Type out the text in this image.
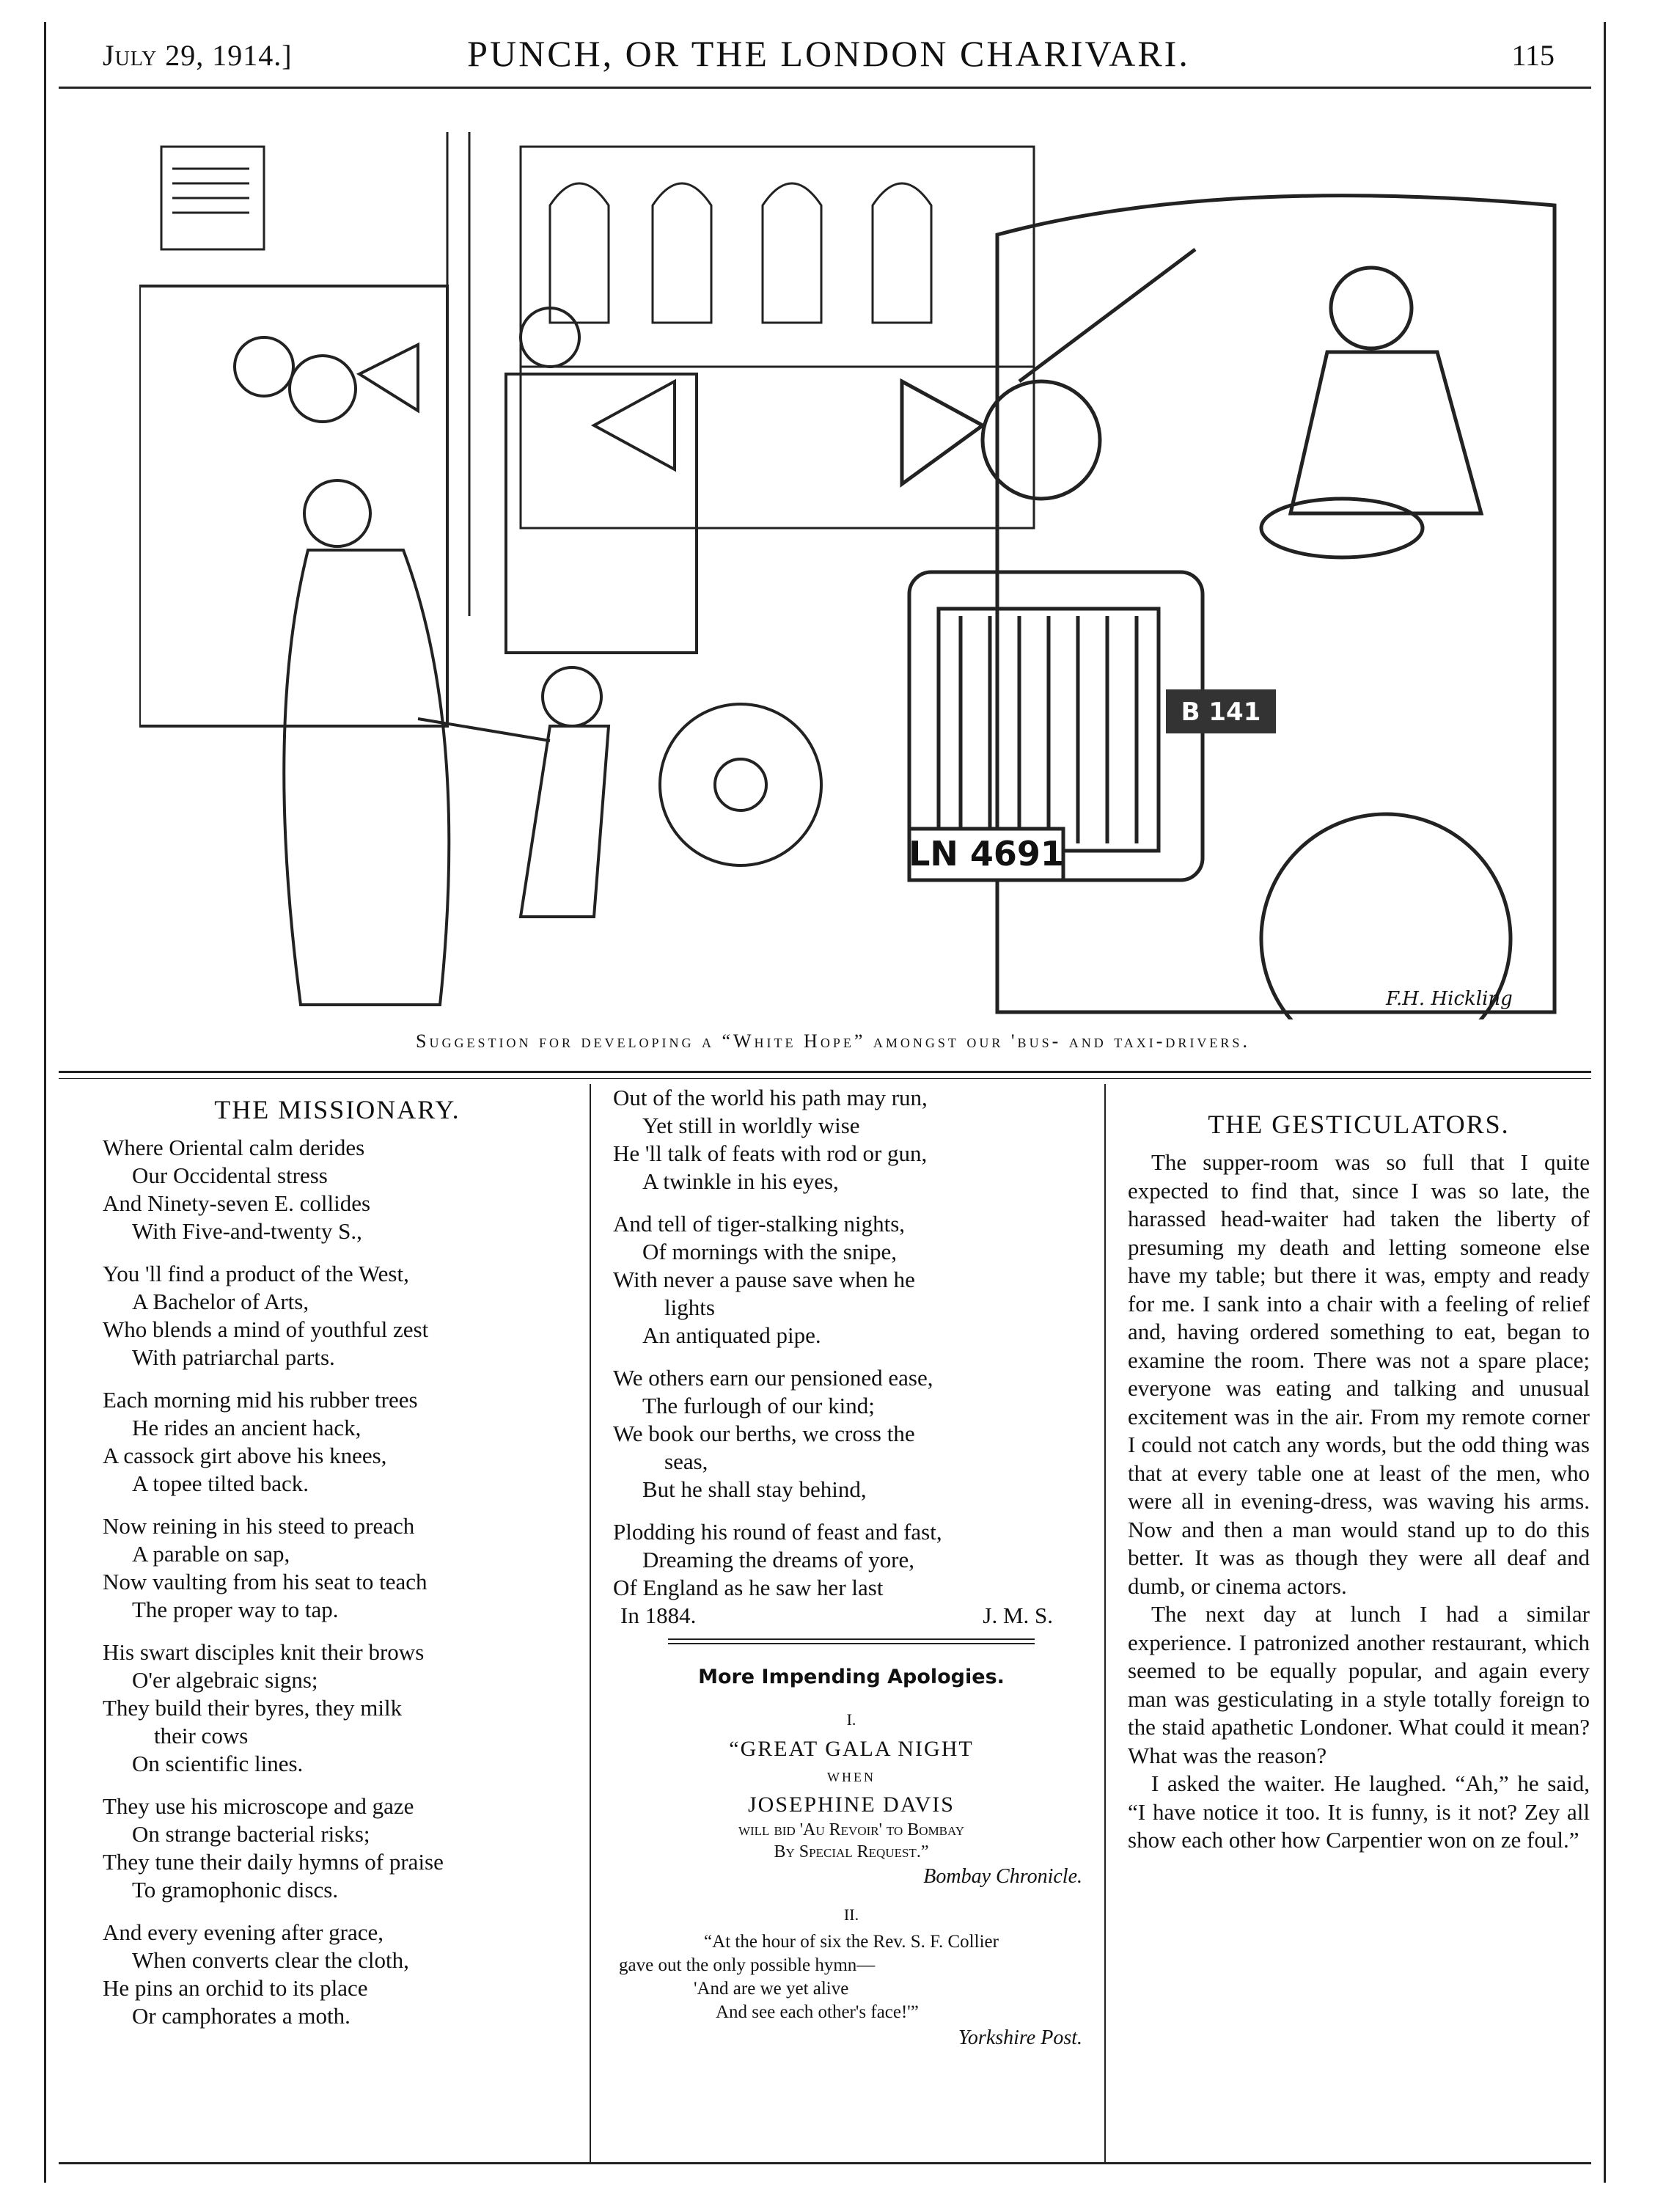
July 29, 1914.]	PUNCH, OR THE LONDON CHARIVARI.	115
LN 4691
B 141
F.H. Hickling
Suggestion for developing a “White Hope” amongst our 'bus- and taxi-drivers.
THE MISSIONARY.
Where Oriental calm derides
Our Occidental stress
And Ninety-seven E. collides
With Five-and-twenty S.,
You 'll find a product of the West,
A Bachelor of Arts,
Who blends a mind of youthful zest
With patriarchal parts.
Each morning mid his rubber trees
He rides an ancient hack,
A cassock girt above his knees,
A topee tilted back.
Now reining in his steed to preach
A parable on sap,
Now vaulting from his seat to teach
The proper way to tap.
His swart disciples knit their brows
O'er algebraic signs;
They build their byres, they milk
their cows
On scientific lines.
They use his microscope and gaze
On strange bacterial risks;
They tune their daily hymns of praise
To gramophonic discs.
And every evening after grace,
When converts clear the cloth,
He pins an orchid to its place
Or camphorates a moth.
Out of the world his path may run,
Yet still in worldly wise
He 'll talk of feats with rod or gun,
A twinkle in his eyes,
And tell of tiger-stalking nights,
Of mornings with the snipe,
With never a pause save when he
lights
An antiquated pipe.
We others earn our pensioned ease,
The furlough of our kind;
We book our berths, we cross the
seas,
But he shall stay behind,
Plodding his round of feast and fast,
Dreaming the dreams of yore,
Of England as he saw her last
In 1884.	J. M. S.
More Impending Apologies.
I.
“GREAT GALA NIGHT
WHEN
JOSEPHINE DAVIS
will bid 'Au Revoir' to Bombay
By Special Request.”
Bombay Chronicle.
II.
“At the hour of six the Rev. S. F. Collier
gave out the only possible hymn—
'And are we yet alive
And see each other's face!'”
Yorkshire Post.
THE GESTICULATORS.

The supper-room was so full that I quite expected to find that, since I was so late, the harassed head-waiter had taken the liberty of presuming my death and letting someone else have my table; but there it was, empty and ready for me. I sank into a chair with a feeling of relief and, having ordered something to eat, began to examine the room. There was not a spare place; everyone was eating and talking and unusual excitement was in the air. From my remote corner I could not catch any words, but the odd thing was that at every table one at least of the men, who were all in evening-dress, was waving his arms. Now and then a man would stand up to do this better. It was as though they were all deaf and dumb, or cinema actors.

The next day at lunch I had a similar experience. I patronized another restaurant, which seemed to be equally popular, and again every man was gesticulating in a style totally foreign to the staid apathetic Londoner. What could it mean? What was the reason?

I asked the waiter. He laughed. “Ah,” he said, “I have notice it too. It is funny, is it not? Zey all show each other how Carpentier won on ze foul.”
